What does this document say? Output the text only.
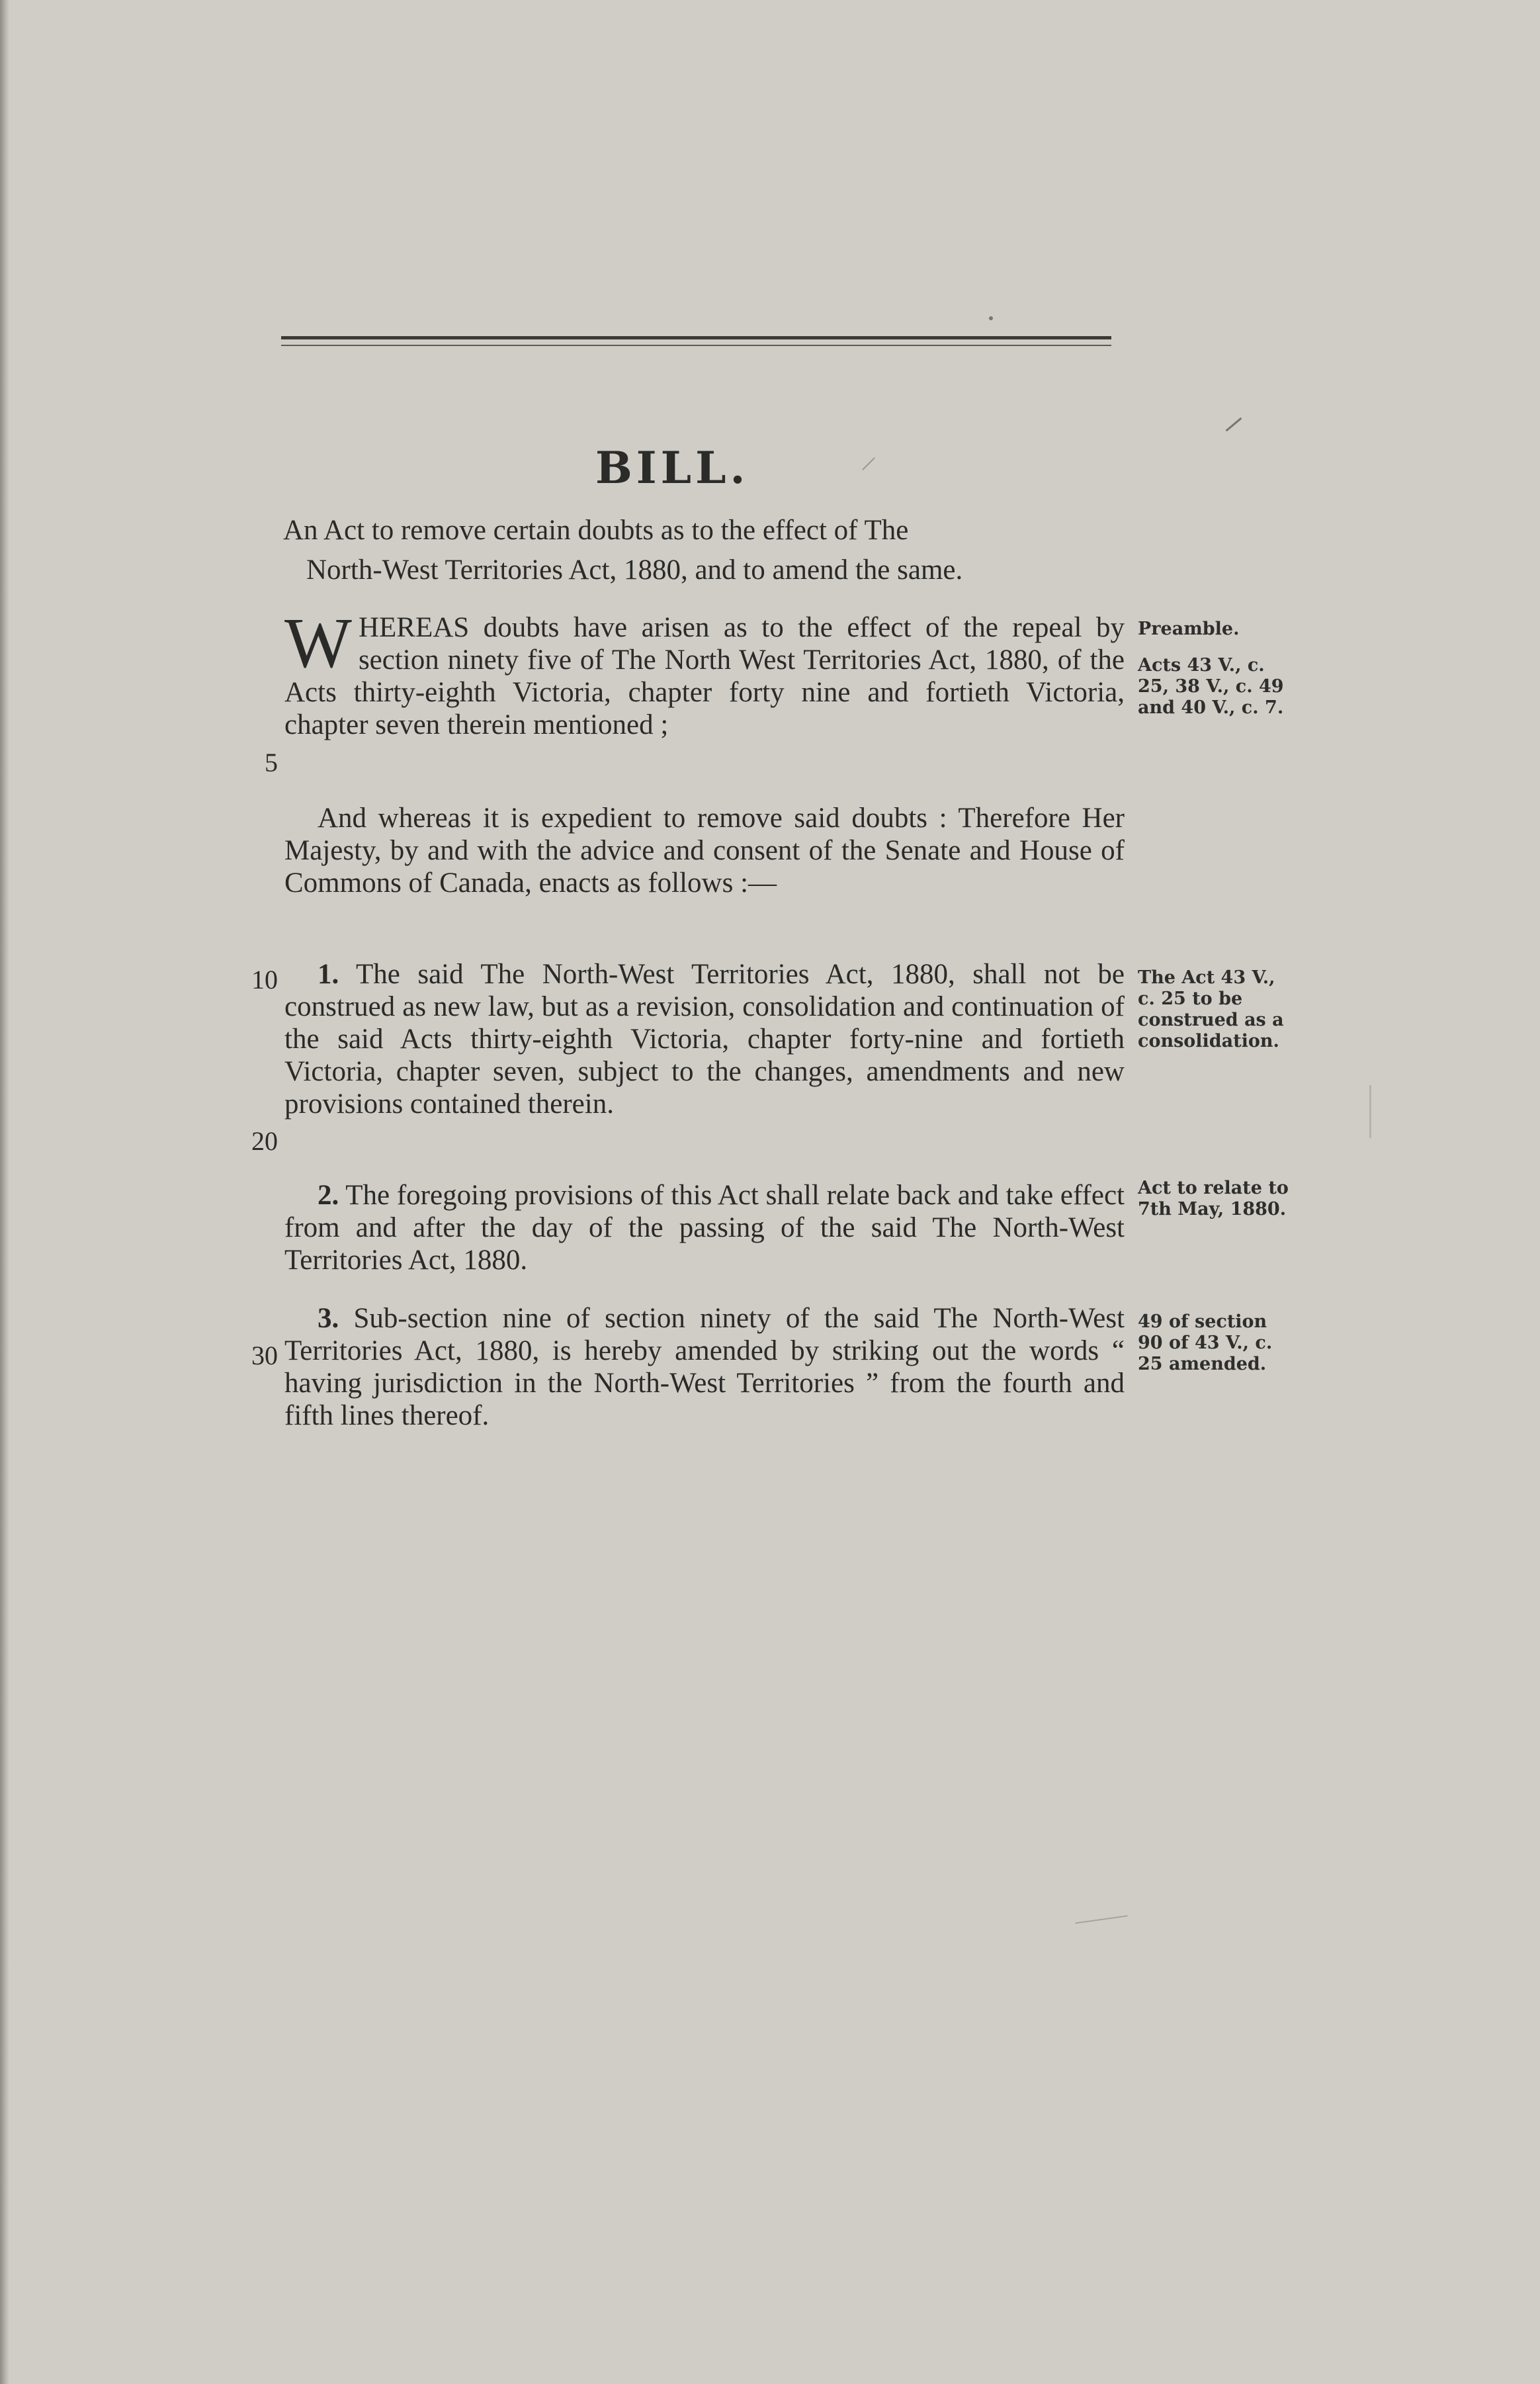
BILL.
An Act to remove certain doubts as to the effect of The
North-West Territories Act, 1880, and to amend the same.
W HEREAS doubts have arisen as to the effect of the repeal by section ninety five of The North West Territories Act, 1880, of the Acts thirty-eighth Victoria, chapter forty nine and fortieth Victoria, chapter seven therein mentioned ;
Preamble.
Acts 43 V., c. 25, 38 V., c. 49 and 40 V., c. 7.
5
And whereas it is expedient to remove said doubts : Therefore Her Majesty, by and with the advice and consent of the Senate and House of Commons of Canada, enacts as follows :—
1. The said The North-West Territories Act, 1880, shall not be construed as new law, but as a revision, consolidation and continuation of the said Acts thirty-eighth Victoria, chapter forty-nine and fortieth Victoria, chapter seven, subject to the changes, amendments and new provisions contained therein.
The Act 43 V., c. 25 to be construed as a consolidation.
10
20
2. The foregoing provisions of this Act shall relate back and take effect from and after the day of the passing of the said The North-West Territories Act, 1880.
Act to relate to 7th May, 1880.
3. Sub-section nine of section ninety of the said The North-West Territories Act, 1880, is hereby amended by striking out the words “ having jurisdiction in the North-West Territories ” from the fourth and fifth lines thereof.
49 of section 90 of 43 V., c. 25 amended.
30
